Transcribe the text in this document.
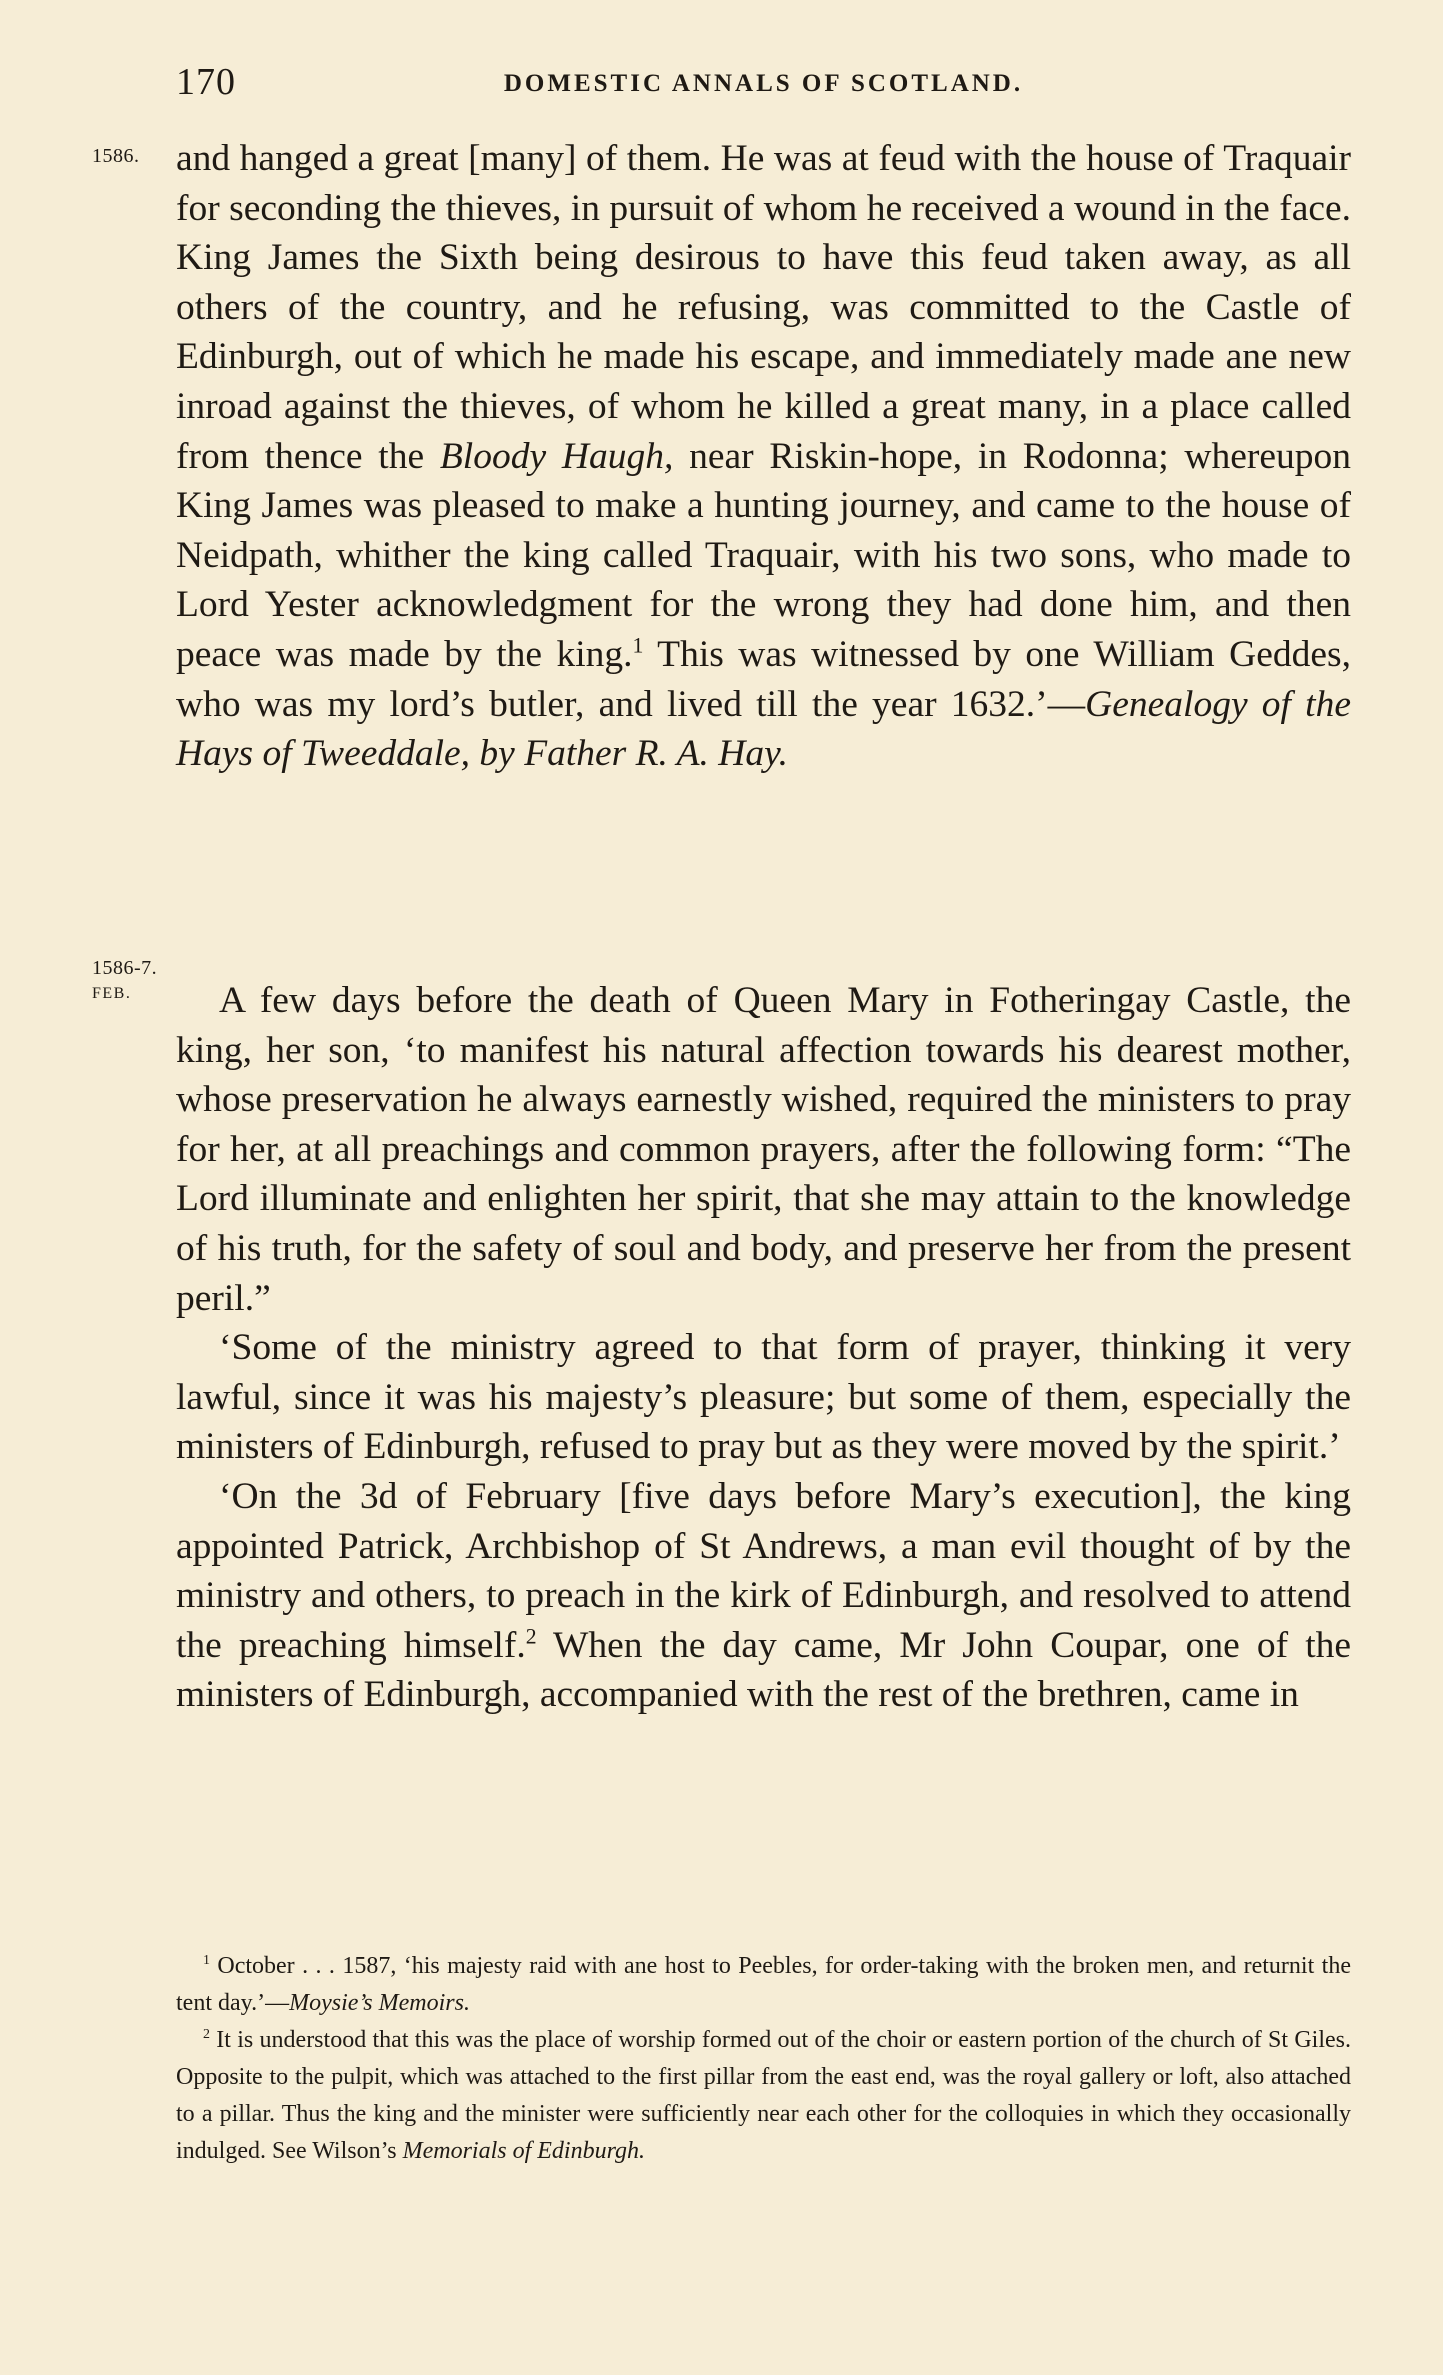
170	DOMESTIC ANNALS OF SCOTLAND.
1586.
1586-7.
FEB.

and hanged a great [many] of them. He was at feud with the house of Traquair for seconding the thieves, in pursuit of whom he received a wound in the face. King James the Sixth being desirous to have this feud taken away, as all others of the country, and he refusing, was committed to the Castle of Edinburgh, out of which he made his escape, and immediately made ane new inroad against the thieves, of whom he killed a great many, in a place called from thence the Bloody Haugh, near Riskin-hope, in Rodonna; whereupon King James was pleased to make a hunting journey, and came to the house of Neidpath, whither the king called Traquair, with his two sons, who made to Lord Yester acknowledgment for the wrong they had done him, and then peace was made by the king.$^1$ This was witnessed by one William Geddes, who was my lord’s butler, and lived till the year 1632.’—Genealogy of the Hays of Tweeddale, by Father R. A. Hay.

A few days before the death of Queen Mary in Fotheringay Castle, the king, her son, ‘to manifest his natural affection towards his dearest mother, whose preservation he always earnestly wished, required the ministers to pray for her, at all preachings and common prayers, after the following form: “The Lord illuminate and enlighten her spirit, that she may attain to the knowledge of his truth, for the safety of soul and body, and preserve her from the present peril.”

‘Some of the ministry agreed to that form of prayer, thinking it very lawful, since it was his majesty’s pleasure; but some of them, especially the ministers of Edinburgh, refused to pray but as they were moved by the spirit.’

‘On the 3d of February [five days before Mary’s execution], the king appointed Patrick, Archbishop of St Andrews, a man evil thought of by the ministry and others, to preach in the kirk of Edinburgh, and resolved to attend the preaching himself.$^2$ When the day came, Mr John Coupar, one of the ministers of Edinburgh, accompanied with the rest of the brethren, came in

$^1$ October . . . 1587, ‘his majesty raid with ane host to Peebles, for order-taking with the broken men, and returnit the tent day.’—Moysie’s Memoirs.

$^2$ It is understood that this was the place of worship formed out of the choir or eastern portion of the church of St Giles. Opposite to the pulpit, which was attached to the first pillar from the east end, was the royal gallery or loft, also attached to a pillar. Thus the king and the minister were sufficiently near each other for the colloquies in which they occasionally indulged. See Wilson’s Memorials of Edinburgh.
